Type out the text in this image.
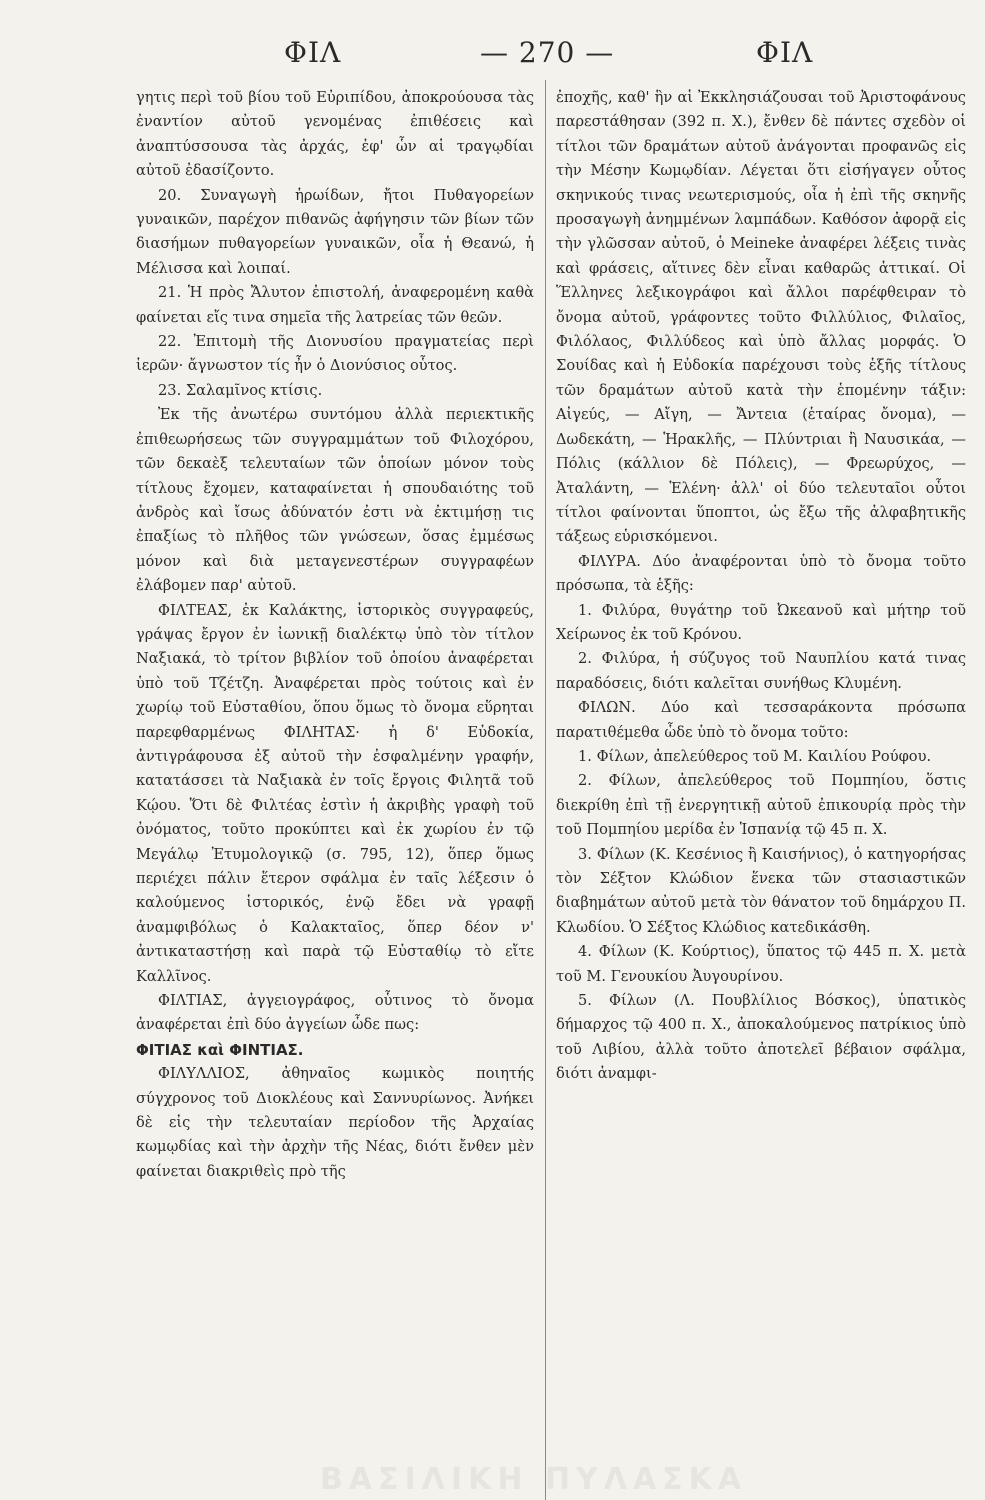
ΦΙΛ	— 270 —	ΦΙΛ

γητις περὶ τοῦ βίου τοῦ Εὐριπίδου, ἀποκρούουσα τὰς ἐναντίον αὐτοῦ γενομένας ἐπιθέσεις καὶ ἀναπτύσσουσα τὰς ἀρχάς, ἐφ' ὧν αἱ τραγῳδίαι αὐτοῦ ἐδασίζοντο.

20. Συναγωγὴ ἡρωίδων, ἤτοι Πυθαγορείων γυναικῶν, παρέχον πιθανῶς ἀφήγησιν τῶν βίων τῶν διασήμων πυθαγορείων γυναικῶν, οἷα ἡ Θεανώ, ἡ Μέλισσα καὶ λοιπαί.

21. Ἡ πρὸς Ἄλυτον ἐπιστολή, ἀναφερομένη καθὰ φαίνεται εἴς τινα σημεῖα τῆς λατρείας τῶν θεῶν.

22. Ἐπιτομὴ τῆς Διονυσίου πραγματείας περὶ ἱερῶν· ἄγνωστον τίς ἦν ὁ Διονύσιος οὗτος.

23. Σαλαμῖνος κτίσις.

Ἐκ τῆς ἀνωτέρω συντόμου ἀλλὰ περιεκτικῆς ἐπιθεωρήσεως τῶν συγγραμμάτων τοῦ Φιλοχόρου, τῶν δεκαὲξ τελευταίων τῶν ὁποίων μόνον τοὺς τίτλους ἔχομεν, καταφαίνεται ἡ σπουδαιότης τοῦ ἀνδρὸς καὶ ἴσως ἀδύνατόν ἐστι νὰ ἐκτιμήσῃ τις ἐπαξίως τὸ πλῆθος τῶν γνώσεων, ὅσας ἐμμέσως μόνον καὶ διὰ μεταγενεστέρων συγγραφέων ἐλάβομεν παρ' αὐτοῦ.

ΦΙΛΤΕΑΣ, ἐκ Καλάκτης, ἱστορικὸς συγγραφεύς, γράψας ἔργον ἐν ἰωνικῇ διαλέκτῳ ὑπὸ τὸν τίτλον Ναξιακά, τὸ τρίτον βιβλίον τοῦ ὁποίου ἀναφέρεται ὑπὸ τοῦ Τζέτζη. Ἀναφέρεται πρὸς τούτοις καὶ ἐν χωρίῳ τοῦ Εὐσταθίου, ὅπου ὅμως τὸ ὄνομα εὕρηται παρεφθαρμένως ΦΙΛΗΤΑΣ· ἡ δ' Εὐδοκία, ἀντιγράφουσα ἐξ αὐτοῦ τὴν ἐσφαλμένην γραφήν, κατατάσσει τὰ Ναξιακὰ ἐν τοῖς ἔργοις Φιλητᾶ τοῦ Κῴου. Ὅτι δὲ Φιλτέας ἐστὶν ἡ ἀκριβὴς γραφὴ τοῦ ὀνόματος, τοῦτο προκύπτει καὶ ἐκ χωρίου ἐν τῷ Μεγάλῳ Ἐτυμολογικῷ (σ. 795, 12), ὅπερ ὅμως περιέχει πάλιν ἕτερον σφάλμα ἐν ταῖς λέξεσιν ὁ καλούμενος ἱστορικός, ἐνῷ ἔδει νὰ γραφῇ ἀναμφιβόλως ὁ Καλακταῖος, ὅπερ δέον ν' ἀντικαταστήσῃ καὶ παρὰ τῷ Εὐσταθίῳ τὸ εἴτε Καλλῖνος.

ΦΙΛΤΙΑΣ, ἀγγειογράφος, οὗτινος τὸ ὄνομα ἀναφέρεται ἐπὶ δύο ἀγγείων ὧδε πως:

ΦΙΤΙΑΣ καὶ ΦΙΝΤΙΑΣ.

ΦΙΛΥΛΛΙΟΣ, ἀθηναῖος κωμικὸς ποιητής σύγχρονος τοῦ Διοκλέους καὶ Σαννυρίωνος. Ἀνήκει δὲ εἰς τὴν τελευταίαν περίοδον τῆς Ἀρχαίας κωμῳδίας καὶ τὴν ἀρχὴν τῆς Νέας, διότι ἔνθεν μὲν φαίνεται διακριθεὶς πρὸ τῆς

ἐποχῆς, καθ' ἣν αἱ Ἐκκλησιάζουσαι τοῦ Ἀριστοφάνους παρεστάθησαν (392 π. Χ.), ἔνθεν δὲ πάντες σχεδὸν οἱ τίτλοι τῶν δραμάτων αὐτοῦ ἀνάγονται προφανῶς εἰς τὴν Μέσην Κωμῳδίαν. Λέγεται ὅτι εἰσήγαγεν οὗτος σκηνικούς τινας νεωτερισμούς, οἷα ἡ ἐπὶ τῆς σκηνῆς προσαγωγὴ ἀνημμένων λαμπάδων. Καθόσον ἀφορᾷ εἰς τὴν γλῶσσαν αὐτοῦ, ὁ Meineke ἀναφέρει λέξεις τινὰς καὶ φράσεις, αἵτινες δὲν εἶναι καθαρῶς ἀττικαί. Οἱ Ἕλληνες λεξικογράφοι καὶ ἄλλοι παρέφθειραν τὸ ὄνομα αὐτοῦ, γράφοντες τοῦτο Φιλλύλιος, Φιλαῖος, Φιλόλαος, Φιλλύδεος καὶ ὑπὸ ἄλλας μορφάς. Ὁ Σουίδας καὶ ἡ Εὐδοκία παρέχουσι τοὺς ἑξῆς τίτλους τῶν δραμάτων αὐτοῦ κατὰ τὴν ἑπομένην τάξιν: Αἰγεύς, — Αἴγη, — Ἄντεια (ἑταίρας ὄνομα), — Δωδεκάτη, — Ἡρακλῆς, — Πλύντριαι ἢ Ναυσικάα, — Πόλις (κάλλιον δὲ Πόλεις), — Φρεωρύχος, — Ἀταλάντη, — Ἑλένη· ἀλλ' οἱ δύο τελευταῖοι οὗτοι τίτλοι φαίνονται ὕποπτοι, ὡς ἔξω τῆς ἀλφαβητικῆς τάξεως εὑρισκόμενοι.

ΦΙΛΥΡΑ. Δύο ἀναφέρονται ὑπὸ τὸ ὄνομα τοῦτο πρόσωπα, τὰ ἑξῆς:

1. Φιλύρα, θυγάτηρ τοῦ Ὠκεανοῦ καὶ μήτηρ τοῦ Χείρωνος ἐκ τοῦ Κρόνου.

2. Φιλύρα, ἡ σύζυγος τοῦ Ναυπλίου κατά τινας παραδόσεις, διότι καλεῖται συνήθως Κλυμένη.

ΦΙΛΩΝ. Δύο καὶ τεσσαράκοντα πρόσωπα παρατιθέμεθα ὧδε ὑπὸ τὸ ὄνομα τοῦτο:

1. Φίλων, ἀπελεύθερος τοῦ Μ. Καιλίου Ρούφου.

2. Φίλων, ἀπελεύθερος τοῦ Πομπηίου, ὅστις διεκρίθη ἐπὶ τῇ ἐνεργητικῇ αὐτοῦ ἐπικουρίᾳ πρὸς τὴν τοῦ Πομπηίου μερίδα ἐν Ἱσπανίᾳ τῷ 45 π. Χ.

3. Φίλων (Κ. Κεσένιος ἢ Καισήνιος), ὁ κατηγορήσας τὸν Σέξτον Κλώδιον ἕνεκα τῶν στασιαστικῶν διαβημάτων αὐτοῦ μετὰ τὸν θάνατον τοῦ δημάρχου Π. Κλωδίου. Ὁ Σέξτος Κλώδιος κατεδικάσθη.

4. Φίλων (Κ. Κούρτιος), ὕπατος τῷ 445 π. Χ. μετὰ τοῦ Μ. Γενουκίου Ἀυγουρίνου.

5. Φίλων (Λ. Πουβλίλιος Βόσκος), ὑπατικὸς δήμαρχος τῷ 400 π. Χ., ἀποκαλούμενος πατρίκιος ὑπὸ τοῦ Λιβίου, ἀλλὰ τοῦτο ἀποτελεῖ βέβαιον σφάλμα, διότι ἀναμφι-

ΒΑΣΙΛΙΚΗ ΠΥΛΑΣΚΑ
